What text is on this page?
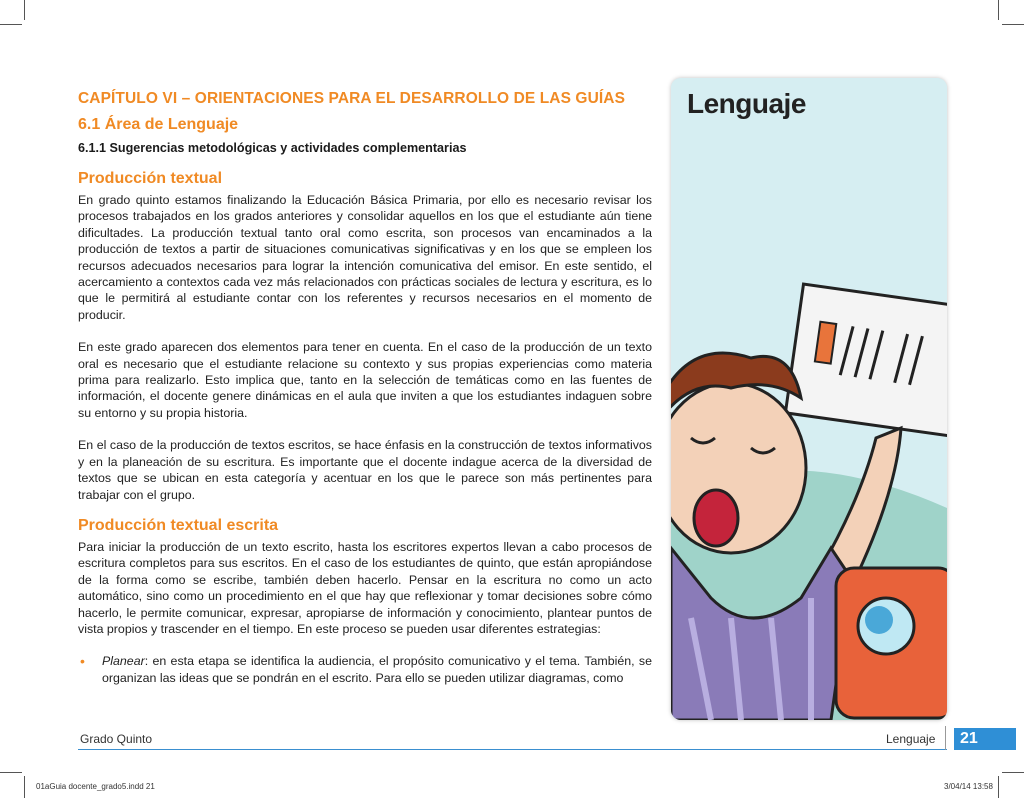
CAPÍTULO VI – ORIENTACIONES PARA EL DESARROLLO DE LAS GUÍAS
6.1 Área de Lenguaje
6.1.1 Sugerencias metodológicas y actividades complementarias
Producción textual

En grado quinto estamos finalizando la Educación Básica Primaria, por ello es necesario revisar los procesos trabajados en los grados anteriores y consolidar aquellos en los que el estudiante aún tiene dificultades. La producción textual tanto oral como escrita, son procesos van encaminados a la producción de textos a partir de situaciones comunicativas significativas y en los que se empleen los recursos adecuados necesarios para lograr la intención comunicativa del emisor. En este sentido, el acercamiento a contextos cada vez más relacionados con prácticas sociales de lectura y escritura, es lo que le permitirá al estudiante contar con los referentes y recursos necesarios en el momento de producir.

En este grado aparecen dos elementos para tener en cuenta. En el caso de la producción de un texto oral es necesario que el estudiante relacione su contexto y sus propias experiencias como materia prima para realizarlo. Esto implica que, tanto en la selección de temáticas como en las fuentes de información, el docente genere dinámicas en el aula que inviten a que los estudiantes indaguen sobre su entorno y su propia historia.

En el caso de la producción de textos escritos, se hace énfasis en la construcción de textos informativos y en la planeación de su escritura. Es importante que el docente indague acerca de la diversidad de textos que se ubican en esta categoría y acentuar en los que le parece son más pertinentes para trabajar con el grupo.

Producción textual escrita

Para iniciar la producción de un texto escrito, hasta los escritores expertos llevan a cabo procesos de escritura completos para sus escritos. En el caso de los estudiantes de quinto, que están apropiándose de la forma como se escribe, también deben hacerlo. Pensar en la escritura no como un acto automático, sino como un procedimiento en el que hay que reflexionar y tomar decisiones sobre cómo hacerlo, le permite comunicar, expresar, apropiarse de información y conocimiento, plantear puntos de vista propios y trascender en el tiempo. En este proceso se pueden usar diferentes estrategias:

• Planear: en esta etapa se identifica la audiencia, el propósito comunicativo y el tema. También, se organizan las ideas que se pondrán en el escrito. Para ello se pueden utilizar diagramas, como
Lenguaje
Grado Quinto	Lenguaje	21
01aGuia docente_grado5.indd 21	3/04/14 13:58
